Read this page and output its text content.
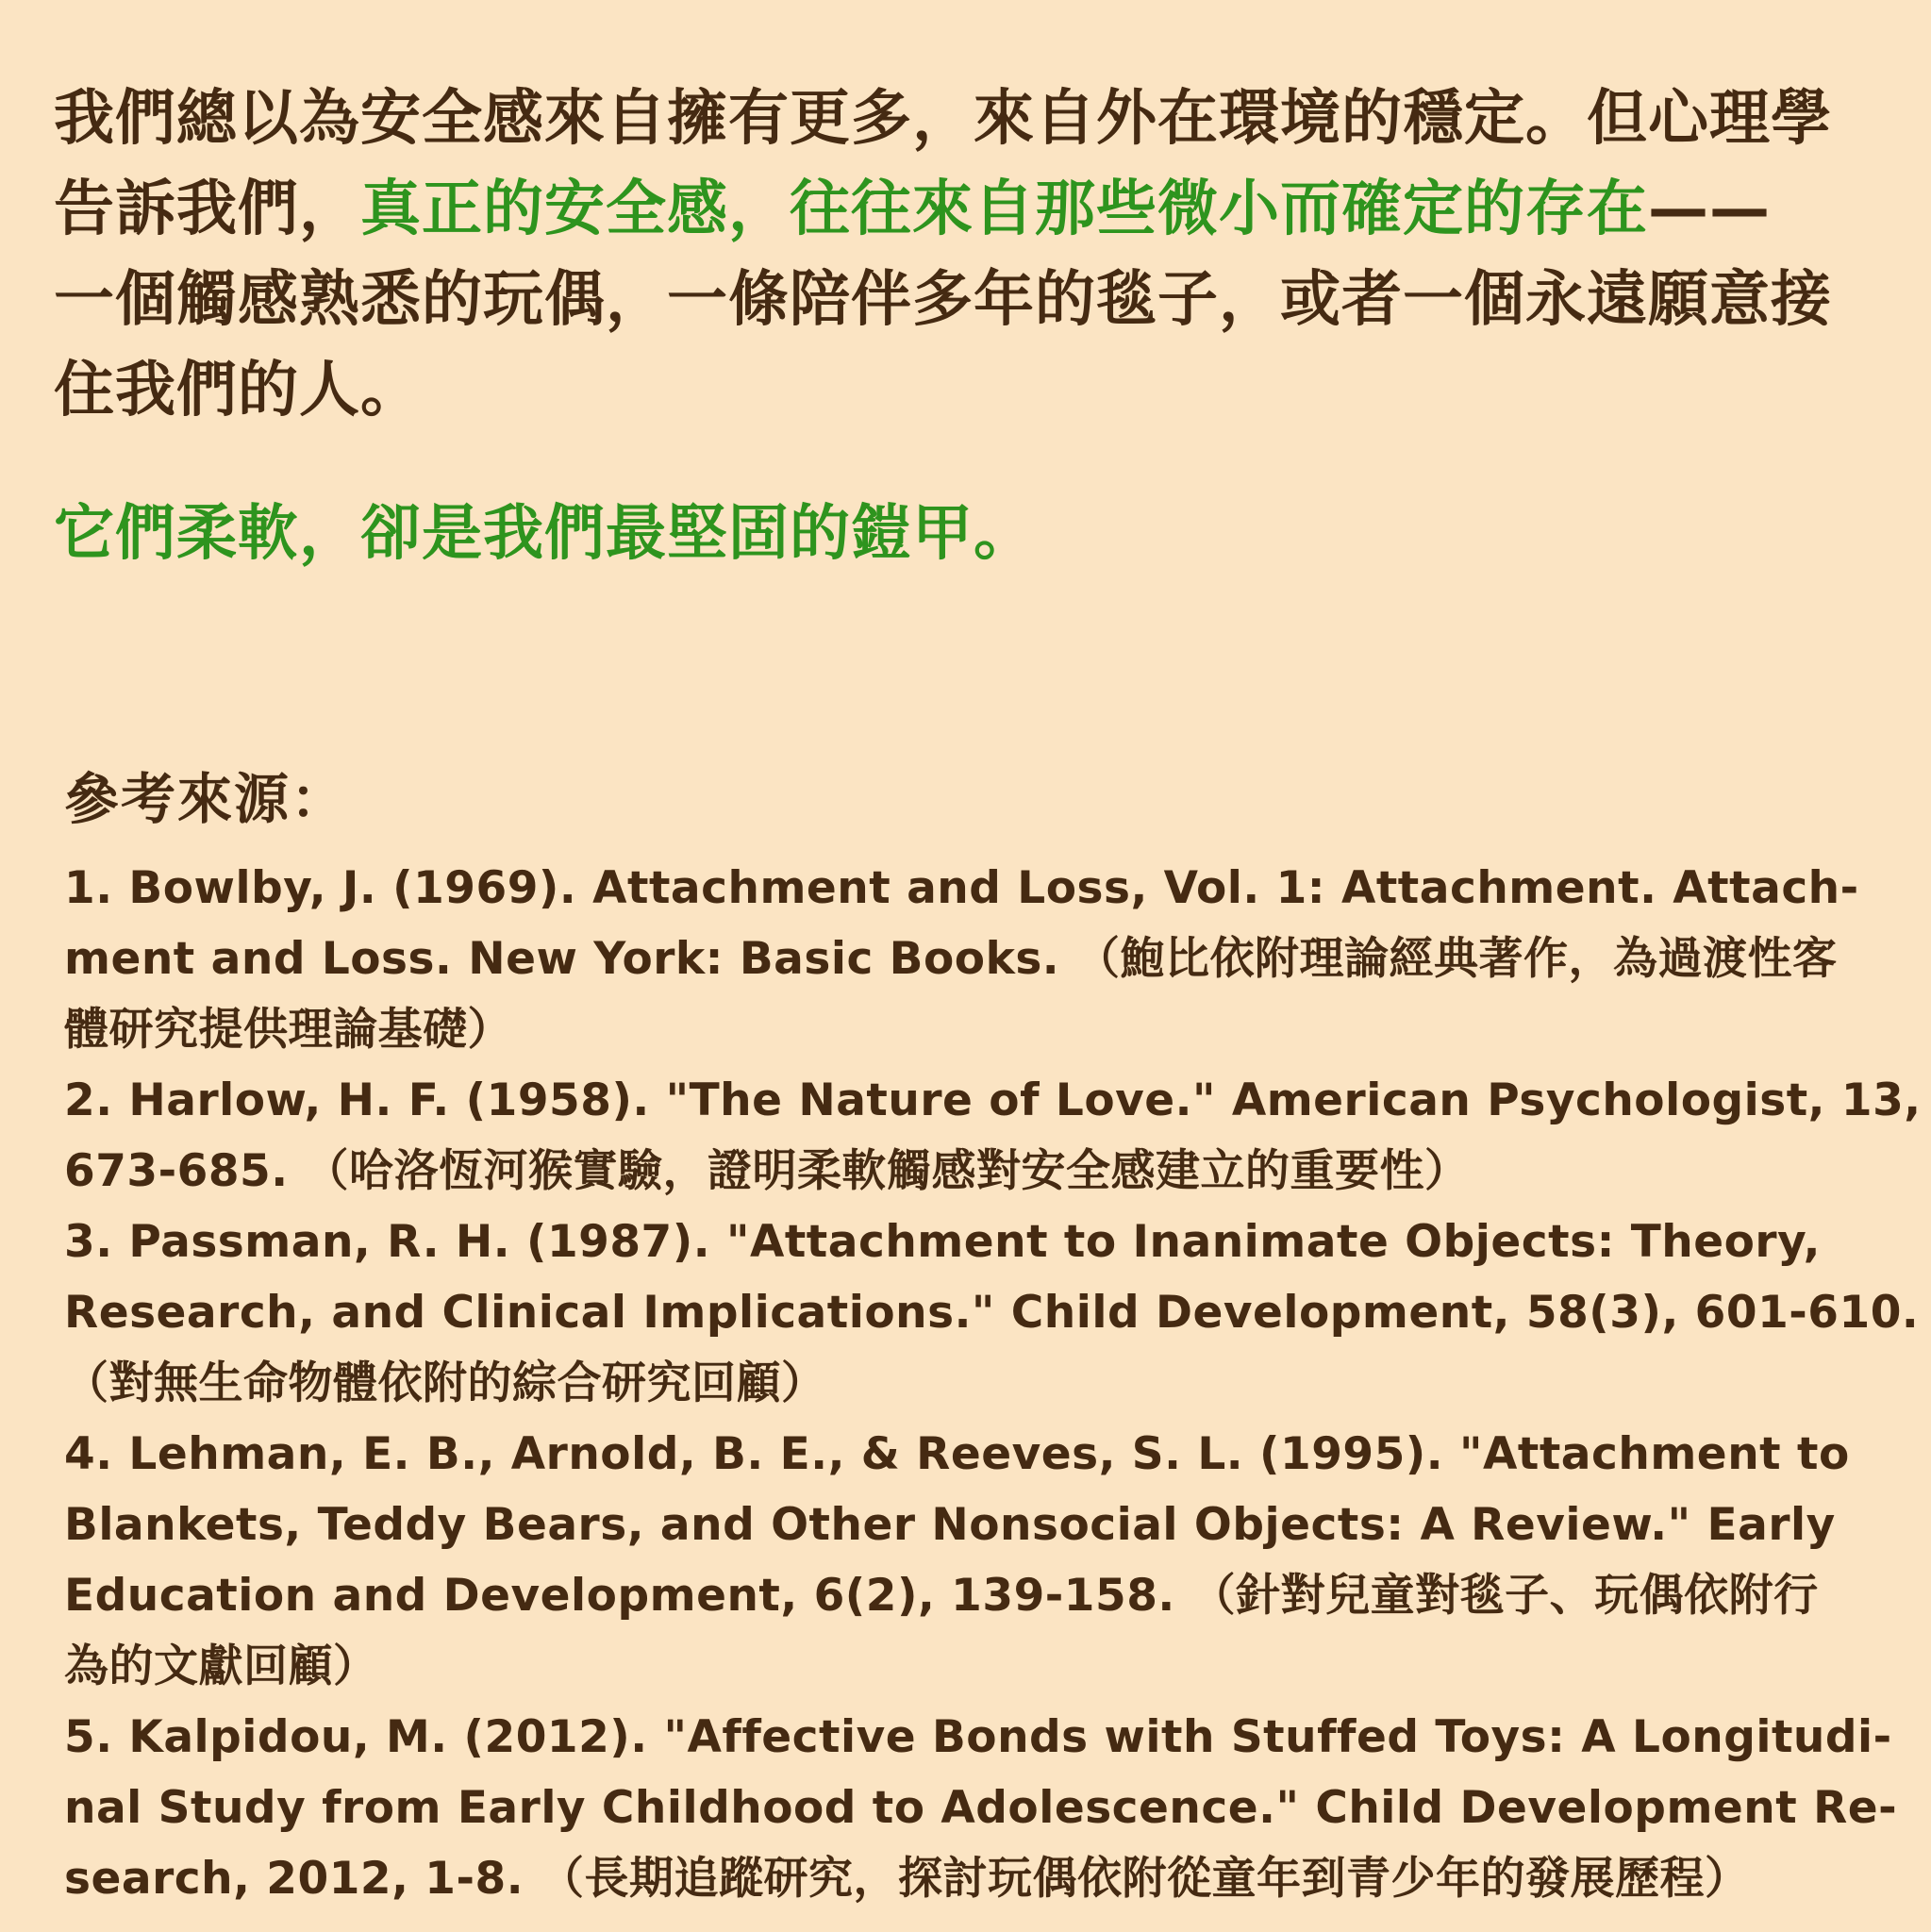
我們總以為安全感來自擁有更多，來自外在環境的穩定。但心理學
告訴我們，真正的安全感，往往來自那些微小而確定的存在——
一個觸感熟悉的玩偶，一條陪伴多年的毯子，或者一個永遠願意接
住我們的人。
它們柔軟，卻是我們最堅固的鎧甲。
參考來源：
1. Bowlby, J. (1969). Attachment and Loss, Vol. 1: Attachment. Attach-
ment and Loss. New York: Basic Books. （鮑比依附理論經典著作，為過渡性客
體研究提供理論基礎）
2. Harlow, H. F. (1958). "The Nature of Love." American Psychologist, 13,
673-685. （哈洛恆河猴實驗，證明柔軟觸感對安全感建立的重要性）
3. Passman, R. H. (1987). "Attachment to Inanimate Objects: Theory,
Research, and Clinical Implications." Child Development, 58(3), 601-610.
（對無生命物體依附的綜合研究回顧）
4. Lehman, E. B., Arnold, B. E., & Reeves, S. L. (1995). "Attachment to
Blankets, Teddy Bears, and Other Nonsocial Objects: A Review." Early
Education and Development, 6(2), 139-158. （針對兒童對毯子、玩偶依附行
為的文獻回顧）
5. Kalpidou, M. (2012). "Affective Bonds with Stuffed Toys: A Longitudi-
nal Study from Early Childhood to Adolescence." Child Development Re-
search, 2012, 1-8. （長期追蹤研究，探討玩偶依附從童年到青少年的發展歷程）
